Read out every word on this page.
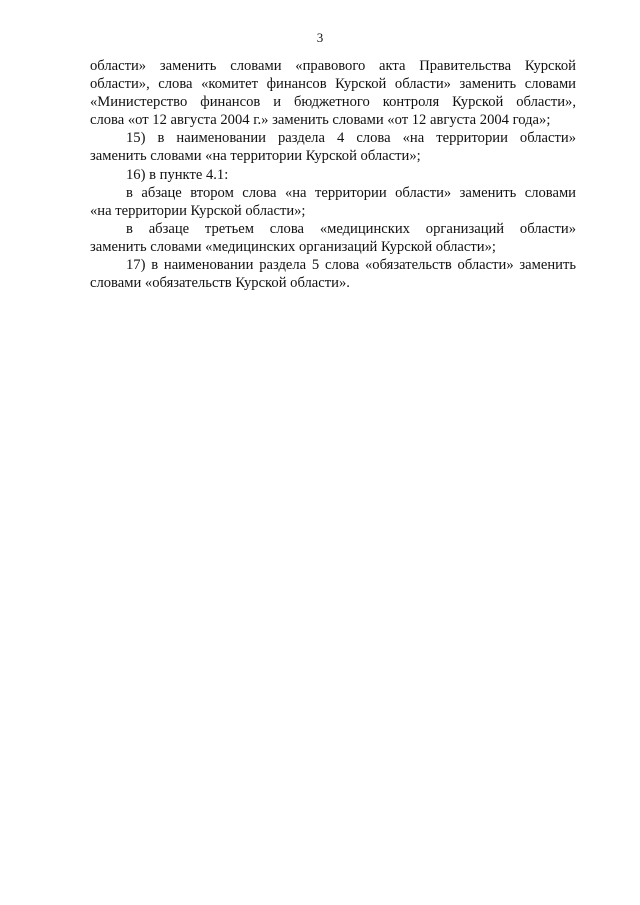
3
области» заменить словами «правового акта Правительства Курской
области», слова «комитет финансов Курской области» заменить словами
«Министерство финансов и бюджетного контроля Курской области»,
слова «от 12 августа 2004 г.» заменить словами «от 12 августа 2004 года»;
15) в наименовании раздела 4 слова «на территории области»
заменить словами «на территории Курской области»;
16) в пункте 4.1:
в абзаце втором слова «на территории области» заменить словами
«на территории Курской области»;
в абзаце третьем слова «медицинских организаций области»
заменить словами «медицинских организаций Курской области»;
17) в наименовании раздела 5 слова «обязательств области» заменить
словами «обязательств Курской области».
